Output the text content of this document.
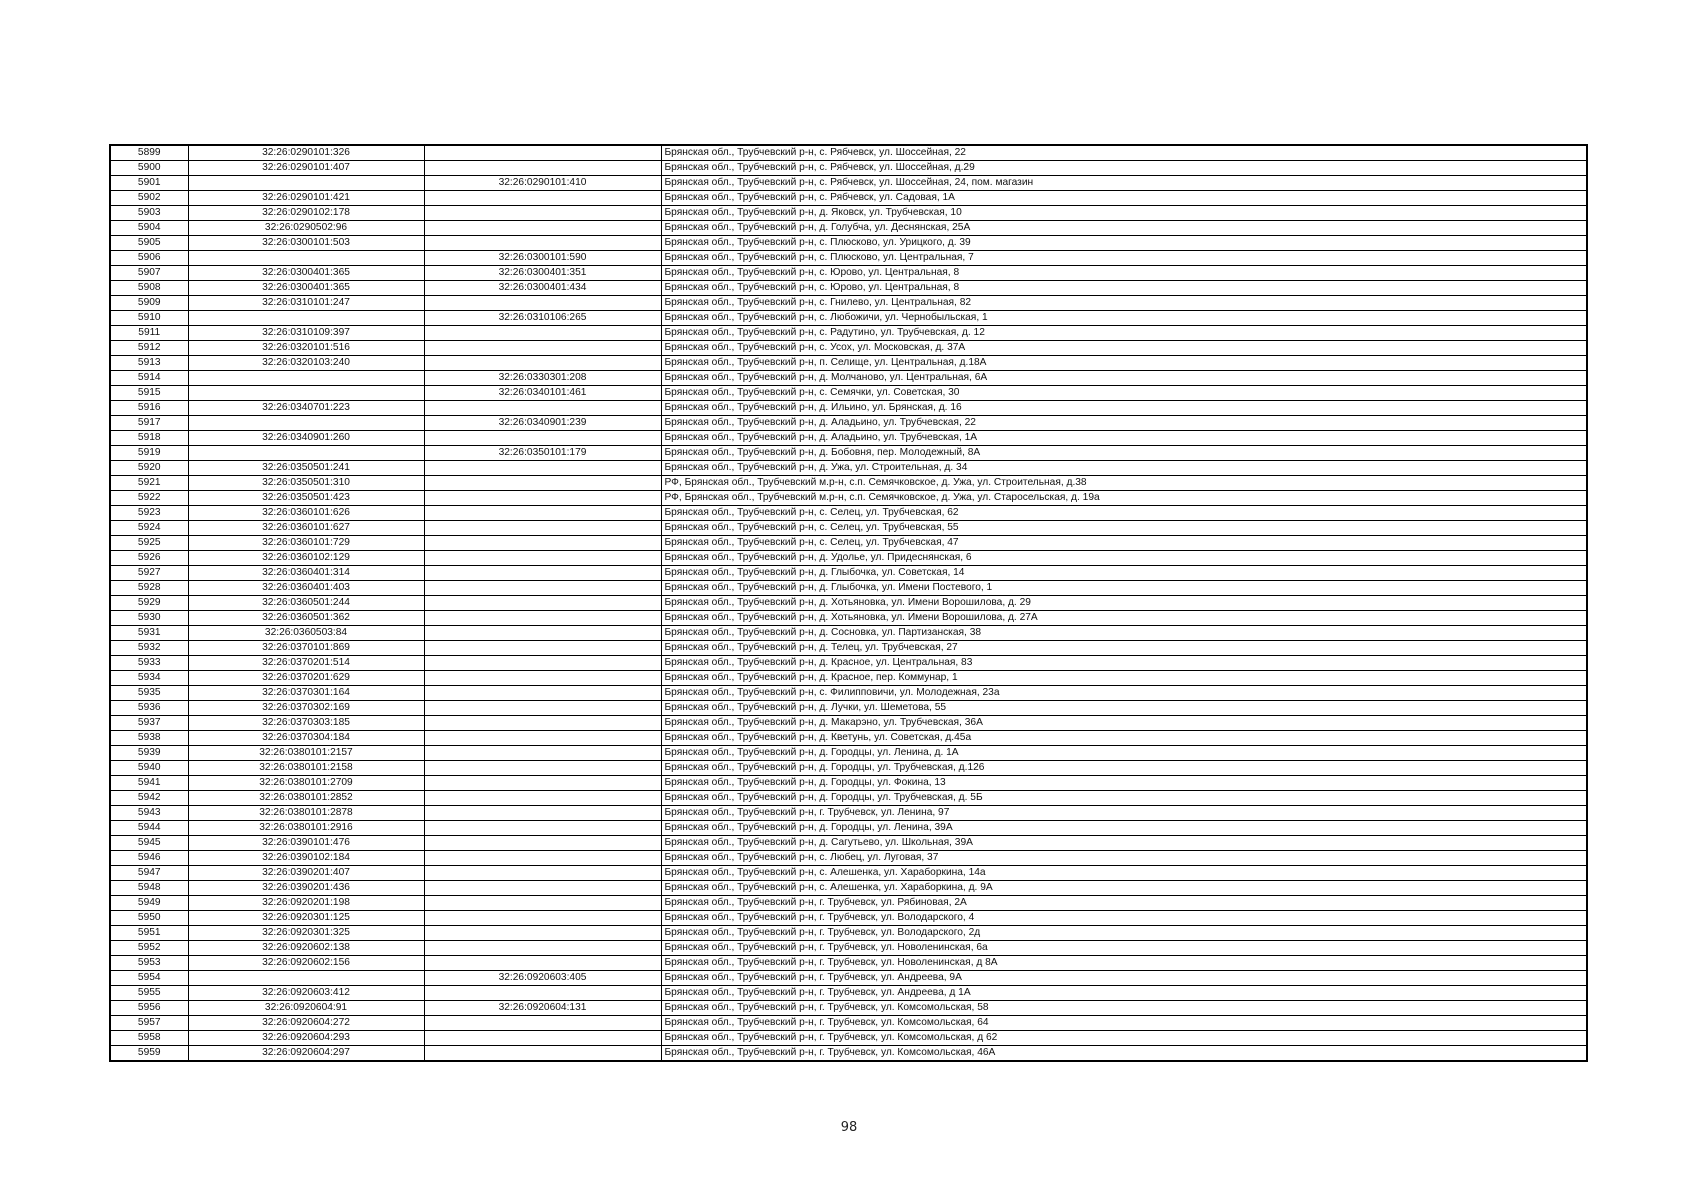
5899	32:26:0290101:326		Брянская обл., Трубчевский р-н, с. Рябчевск, ул. Шоссейная, 22
5900	32:26:0290101:407		Брянская обл., Трубчевский р-н, с. Рябчевск, ул. Шоссейная, д.29
5901		32:26:0290101:410	Брянская обл., Трубчевский р-н, с. Рябчевск, ул. Шоссейная, 24, пом. магазин
5902	32:26:0290101:421		Брянская обл., Трубчевский р-н, с. Рябчевск, ул. Садовая, 1А
5903	32:26:0290102:178		Брянская обл., Трубчевский р-н, д. Яковск, ул. Трубчевская, 10
5904	32:26:0290502:96		Брянская обл., Трубчевский р-н, д. Голубча, ул. Деснянская, 25А
5905	32:26:0300101:503		Брянская обл., Трубчевский р-н, с. Плюсково, ул. Урицкого, д. 39
5906		32:26:0300101:590	Брянская обл., Трубчевский р-н, с. Плюсково, ул. Центральная, 7
5907	32:26:0300401:365	32:26:0300401:351	Брянская обл., Трубчевский р-н, с. Юрово, ул. Центральная, 8
5908	32:26:0300401:365	32:26:0300401:434	Брянская обл., Трубчевский р-н, с. Юрово, ул. Центральная, 8
5909	32:26:0310101:247		Брянская обл., Трубчевский р-н, с. Гнилево, ул. Центральная, 82
5910		32:26:0310106:265	Брянская обл., Трубчевский р-н, с. Любожичи, ул. Чернобыльская, 1
5911	32:26:0310109:397		Брянская обл., Трубчевский р-н, с. Радутино, ул. Трубчевская, д. 12
5912	32:26:0320101:516		Брянская обл., Трубчевский р-н, с. Усох, ул. Московская, д. 37А
5913	32:26:0320103:240		Брянская обл., Трубчевский р-н, п. Селище, ул. Центральная, д.18А
5914		32:26:0330301:208	Брянская обл., Трубчевский р-н, д. Молчаново, ул. Центральная, 6А
5915		32:26:0340101:461	Брянская обл., Трубчевский р-н, с. Семячки, ул. Советская, 30
5916	32:26:0340701:223		Брянская обл., Трубчевский р-н, д. Ильино, ул. Брянская, д. 16
5917		32:26:0340901:239	Брянская обл., Трубчевский р-н, д. Аладьино, ул. Трубчевская, 22
5918	32:26:0340901:260		Брянская обл., Трубчевский р-н, д. Аладьино, ул. Трубчевская, 1А
5919		32:26:0350101:179	Брянская обл., Трубчевский р-н, д. Бобовня, пер. Молодежный, 8А
5920	32:26:0350501:241		Брянская обл., Трубчевский р-н, д. Ужа, ул. Строительная, д. 34
5921	32:26:0350501:310		РФ, Брянская обл., Трубчевский м.р-н, с.п. Семячковское, д. Ужа, ул. Строительная, д.38
5922	32:26:0350501:423		РФ, Брянская обл., Трубчевский м.р-н, с.п. Семячковское, д. Ужа, ул. Старосельская, д. 19а
5923	32:26:0360101:626		Брянская обл., Трубчевский р-н, с. Селец, ул. Трубчевская, 62
5924	32:26:0360101:627		Брянская обл., Трубчевский р-н, с. Селец, ул. Трубчевская, 55
5925	32:26:0360101:729		Брянская обл., Трубчевский р-н, с. Селец, ул. Трубчевская, 47
5926	32:26:0360102:129		Брянская обл., Трубчевский р-н, д. Удолье, ул. Придеснянская, 6
5927	32:26:0360401:314		Брянская обл., Трубчевский р-н, д. Глыбочка, ул. Советская, 14
5928	32:26:0360401:403		Брянская обл., Трубчевский р-н, д. Глыбочка, ул. Имени Постевого, 1
5929	32:26:0360501:244		Брянская обл., Трубчевский р-н, д. Хотьяновка, ул. Имени Ворошилова, д. 29
5930	32:26:0360501:362		Брянская обл., Трубчевский р-н, д. Хотьяновка, ул. Имени Ворошилова, д. 27А
5931	32:26:0360503:84		Брянская обл., Трубчевский р-н, д. Сосновка, ул. Партизанская, 38
5932	32:26:0370101:869		Брянская обл., Трубчевский р-н, д. Телец, ул. Трубчевская, 27
5933	32:26:0370201:514		Брянская обл., Трубчевский р-н, д. Красное, ул. Центральная, 83
5934	32:26:0370201:629		Брянская обл., Трубчевский р-н, д. Красное, пер. Коммунар, 1
5935	32:26:0370301:164		Брянская обл., Трубчевский р-н, с. Филипповичи, ул. Молодежная, 23а
5936	32:26:0370302:169		Брянская обл., Трубчевский р-н, д. Лучки, ул. Шеметова, 55
5937	32:26:0370303:185		Брянская обл., Трубчевский р-н, д. Макарэно, ул. Трубчевская, 36А
5938	32:26:0370304:184		Брянская обл., Трубчевский р-н, д. Кветунь, ул. Советская, д.45а
5939	32:26:0380101:2157		Брянская обл., Трубчевский р-н, д. Городцы, ул. Ленина, д. 1А
5940	32:26:0380101:2158		Брянская обл., Трубчевский р-н, д. Городцы, ул. Трубчевская, д.126
5941	32:26:0380101:2709		Брянская обл., Трубчевский р-н, д. Городцы, ул. Фокина, 13
5942	32:26:0380101:2852		Брянская обл., Трубчевский р-н, д. Городцы, ул. Трубчевская, д. 5Б
5943	32:26:0380101:2878		Брянская обл., Трубчевский р-н, г. Трубчевск, ул. Ленина, 97
5944	32:26:0380101:2916		Брянская обл., Трубчевский р-н, д. Городцы, ул. Ленина, 39А
5945	32:26:0390101:476		Брянская обл., Трубчевский р-н, д. Сагутьево, ул. Школьная, 39А
5946	32:26:0390102:184		Брянская обл., Трубчевский р-н, с. Любец, ул. Луговая, 37
5947	32:26:0390201:407		Брянская обл., Трубчевский р-н, с. Алешенка, ул. Хараборкина, 14а
5948	32:26:0390201:436		Брянская обл., Трубчевский р-н, с. Алешенка, ул. Хараборкина, д. 9А
5949	32:26:0920201:198		Брянская обл., Трубчевский р-н, г. Трубчевск, ул. Рябиновая, 2А
5950	32:26:0920301:125		Брянская обл., Трубчевский р-н, г. Трубчевск, ул. Володарского, 4
5951	32:26:0920301:325		Брянская обл., Трубчевский р-н, г. Трубчевск, ул. Володарского, 2д
5952	32:26:0920602:138		Брянская обл., Трубчевский р-н, г. Трубчевск, ул. Новоленинская, 6а
5953	32:26:0920602:156		Брянская обл., Трубчевский р-н, г. Трубчевск, ул. Новоленинская, д 8А
5954		32:26:0920603:405	Брянская обл., Трубчевский р-н, г. Трубчевск, ул. Андреева, 9А
5955	32:26:0920603:412		Брянская обл., Трубчевский р-н, г. Трубчевск, ул. Андреева, д 1А
5956	32:26:0920604:91	32:26:0920604:131	Брянская обл., Трубчевский р-н, г. Трубчевск, ул. Комсомольская, 58
5957	32:26:0920604:272		Брянская обл., Трубчевский р-н, г. Трубчевск, ул. Комсомольская, 64
5958	32:26:0920604:293		Брянская обл., Трубчевский р-н, г. Трубчевск, ул. Комсомольская, д 62
5959	32:26:0920604:297		Брянская обл., Трубчевский р-н, г. Трубчевск, ул. Комсомольская, 46А
98
